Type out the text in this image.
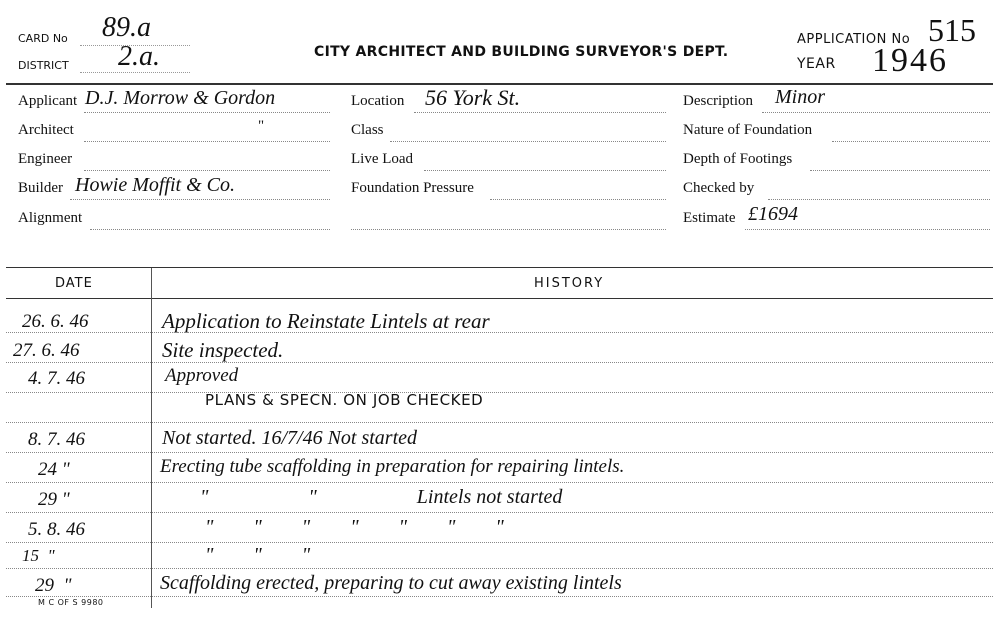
CARD No 89.a
DISTRICT 2.a.	CITY ARCHITECT AND BUILDING SURVEYOR'S DEPT.
APPLICATION No 515
YEAR 1946
Applicant D.J. Morrow & Gordon
Architect	"
Engineer
Builder Howie Moffit & Co.
Alignment
Location 56 York St.
Class
Live Load
Foundation Pressure
Description Minor
Nature of Foundation
Depth of Footings
Checked by
Estimate £1694
DATE	HISTORY
26. 6. 46	Application to Reinstate Lintels at rear
27. 6. 46	Site inspected.
4. 7. 46	Approved
PLANS & SPECN. ON JOB CHECKED
8. 7. 46	Not started. 16/7/46 Not started
24 "	Erecting tube scaffolding in preparation for repairing lintels.
29 "	"                    "                    Lintels not started
5. 8. 46	"        "        "        "        "        "        "
15  "	"        "        "
29  "	Scaffolding erected, preparing to cut away existing lintels
M C OF S 9980
